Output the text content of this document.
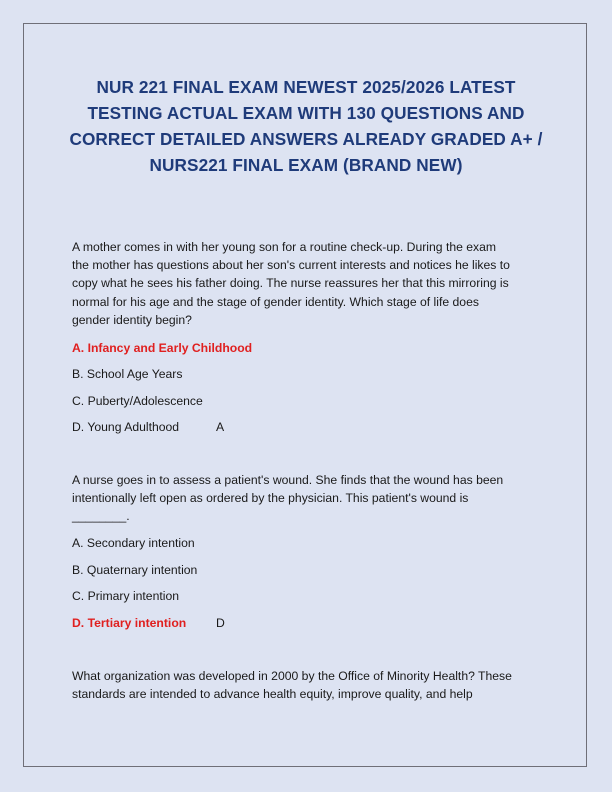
NUR 221 FINAL EXAM NEWEST 2025/2026 LATEST
TESTING ACTUAL EXAM WITH 130 QUESTIONS AND
CORRECT DETAILED ANSWERS ALREADY GRADED A+ /
NURS221 FINAL EXAM (BRAND NEW)

A mother comes in with her young son for a routine check-up. During the exam
the mother has questions about her son's current interests and notices he likes to
copy what he sees his father doing. The nurse reassures her that this mirroring is
normal for his age and the stage of gender identity. Which stage of life does
gender identity begin?

A. Infancy and Early Childhood
B. School Age Years
C. Puberty/Adolescence
D. Young Adulthood	A

A nurse goes in to assess a patient's wound. She finds that the wound has been
intentionally left open as ordered by the physician. This patient's wound is
________.

A. Secondary intention
B. Quaternary intention
C. Primary intention
D. Tertiary intention D

What organization was developed in 2000 by the Office of Minority Health? These
standards are intended to advance health equity, improve quality, and help
